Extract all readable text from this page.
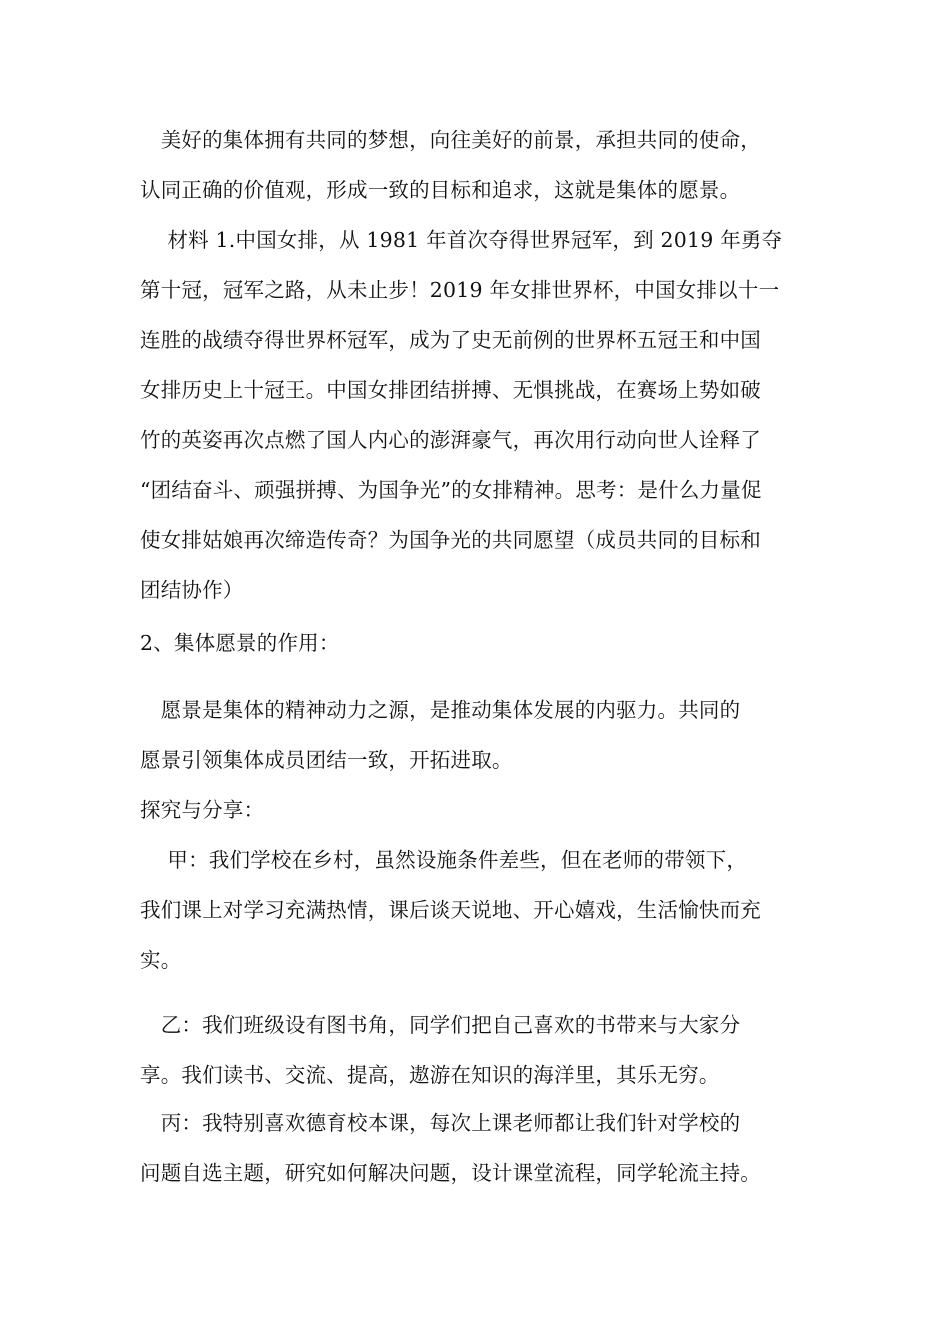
　美好的集体拥有共同的梦想，向往美好的前景，承担共同的使命，
认同正确的价值观，形成一致的目标和追求，这就是集体的愿景。
　 材料 1.中国女排，从 1981 年首次夺得世界冠军，到 2019 年勇夺
第十冠，冠军之路，从未止步！2019 年女排世界杯，中国女排以十一
连胜的战绩夺得世界杯冠军，成为了史无前例的世界杯五冠王和中国
女排历史上十冠王。中国女排团结拼搏、无惧挑战，在赛场上势如破
竹的英姿再次点燃了国人内心的澎湃豪气，再次用行动向世人诠释了
“团结奋斗、顽强拼搏、为国争光”的女排精神。思考：是什么力量促
使女排姑娘再次缔造传奇？为国争光的共同愿望（成员共同的目标和
团结协作）
2、集体愿景的作用：
　愿景是集体的精神动力之源，是推动集体发展的内驱力。共同的
愿景引领集体成员团结一致，开拓进取。
探究与分享：
　 甲：我们学校在乡村，虽然设施条件差些，但在老师的带领下，
我们课上对学习充满热情，课后谈天说地、开心嬉戏，生活愉快而充
实。
　乙：我们班级设有图书角，同学们把自己喜欢的书带来与大家分
享。我们读书、交流、提高，遨游在知识的海洋里，其乐无穷。
　丙：我特别喜欢德育校本课，每次上课老师都让我们针对学校的
问题自选主题，研究如何解决问题，设计课堂流程，同学轮流主持。
